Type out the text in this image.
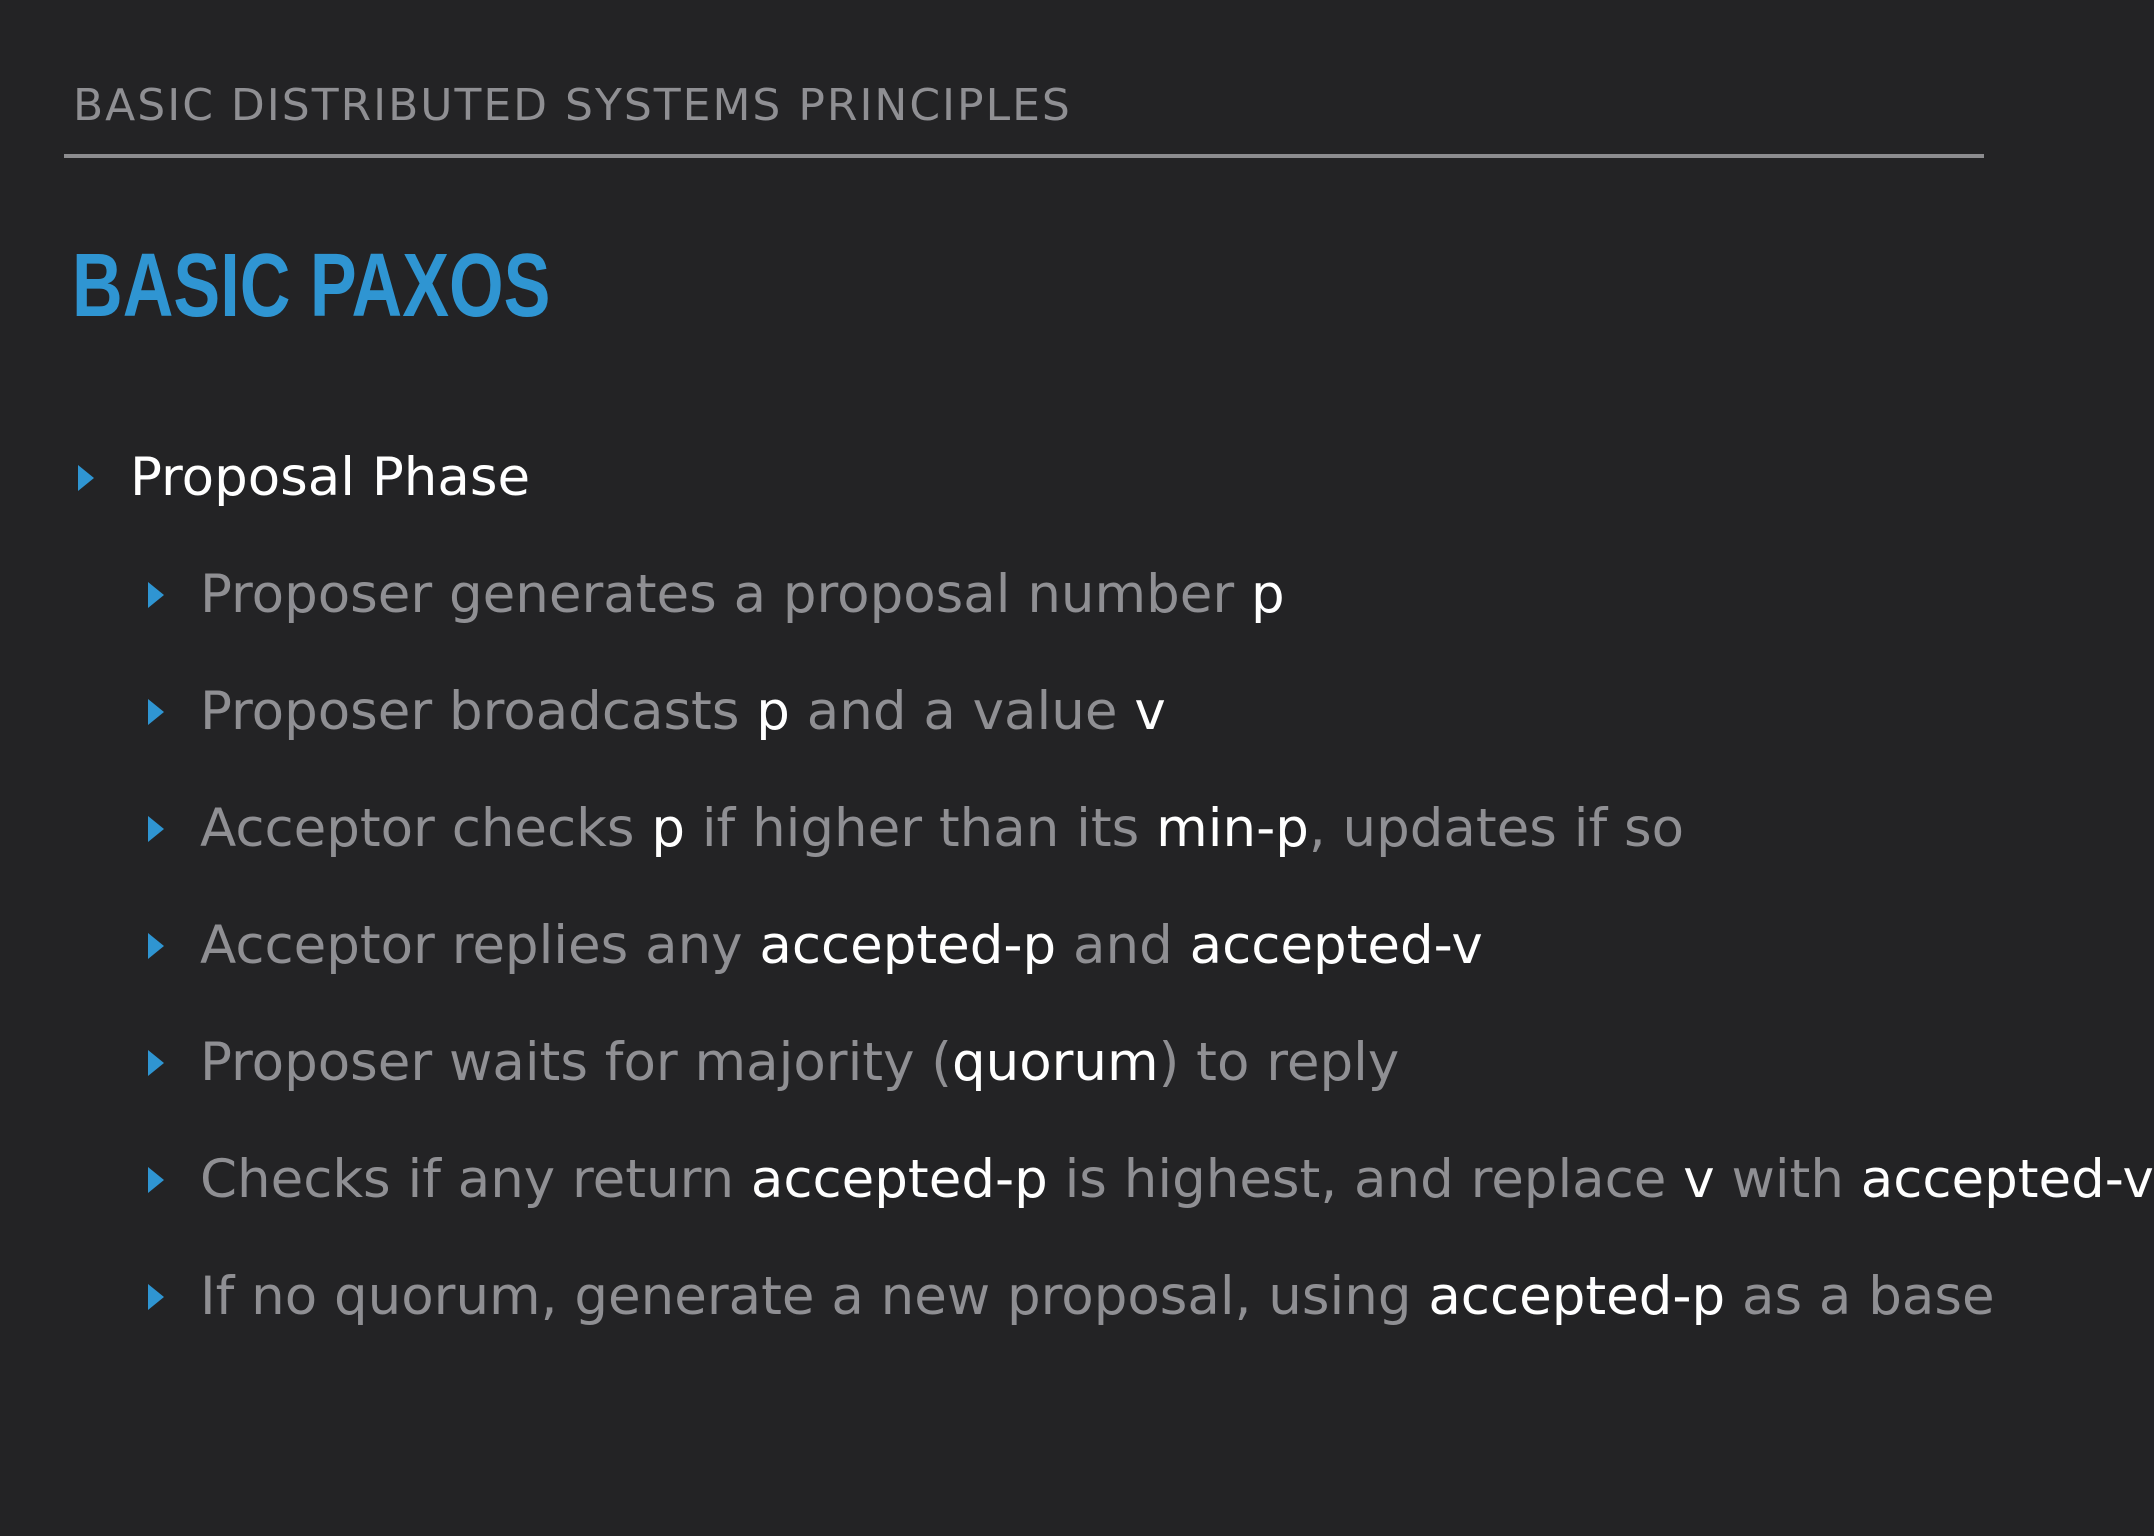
BASIC DISTRIBUTED SYSTEMS PRINCIPLES
BASIC PAXOS
Proposal Phase
Proposer generates a proposal number p
Proposer broadcasts p and a value v
Acceptor checks p if higher than its min-p, updates if so
Acceptor replies any accepted-p and accepted-v
Proposer waits for majority (quorum) to reply
Checks if any return accepted-p is highest, and replace v with accepted-v
If no quorum, generate a new proposal, using accepted-p as a base
